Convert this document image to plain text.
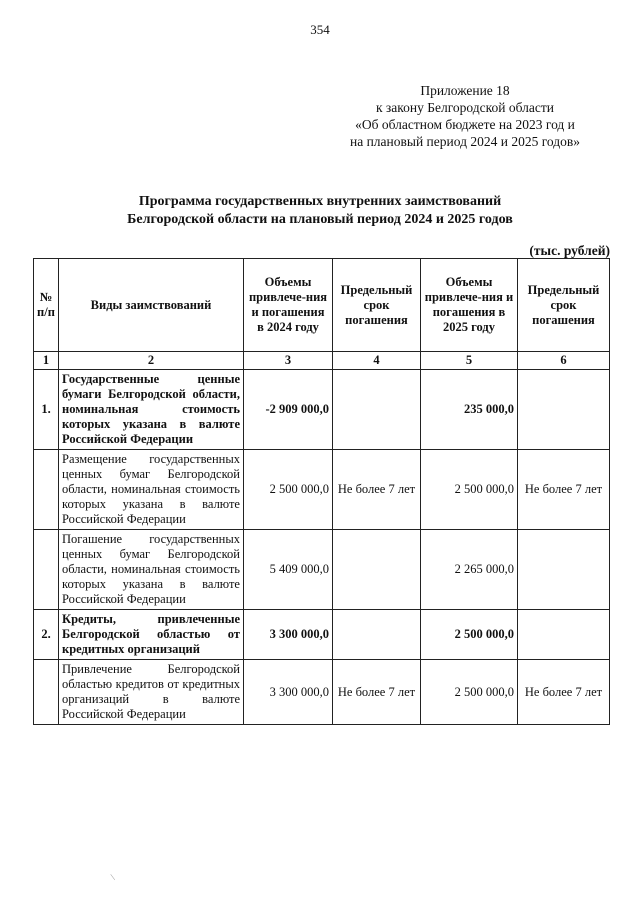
354
Приложение 18
к закону Белгородской области
«Об областном бюджете на 2023 год и
на плановый период 2024 и 2025 годов»
Программа государственных внутренних заимствований
Белгородской области на плановый период 2024 и 2025 годов
(тыс. рублей)
№ п/п	Виды заимствований	Объемы привлече-ния и погашения в 2024 году	Предельный срок погашения	Объемы привлече-ния и погашения в 2025 году	Предельный срок погашения
1	2	3	4	5	6
1.	Государственные ценные бумаги Белгородской области, номинальная стоимость которых указана в валюте Российской Федерации	-2 909 000,0		235 000,0	
	Размещение государственных ценных бумаг Белгородской области, номинальная стоимость которых указана в валюте Российской Федерации	2 500 000,0	Не более 7 лет	2 500 000,0	Не более 7 лет
	Погашение государственных ценных бумаг Белгородской области, номинальная стоимость которых указана в валюте Российской Федерации	5 409 000,0		2 265 000,0	
2.	Кредиты, привлеченные Белгородской областью от кредитных организаций	3 300 000,0		2 500 000,0	
	Привлечение Белгородской областью кредитов от кредитных организаций в валюте Российской Федерации	3 300 000,0	Не более 7 лет	2 500 000,0	Не более 7 лет
/
